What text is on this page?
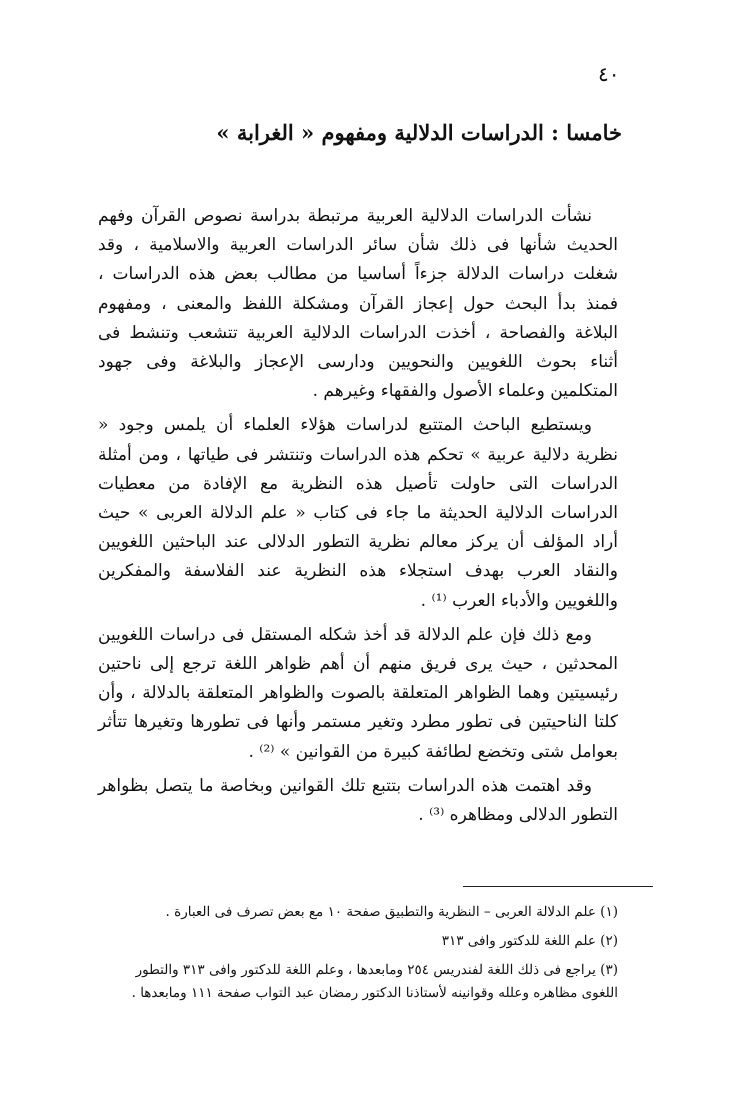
٤٠
خامسا : الدراسات الدلالية ومفهوم « الغرابة »

نشأت الدراسات الدلالية العربية مرتبطة بدراسة نصوص القرآن وفهم الحديث شأنها فى ذلك شأن سائر الدراسات العربية والاسلامية ، وقد شغلت دراسات الدلالة جزءاً أساسيا من مطالب بعض هذه الدراسات ، فمنذ بدأ البحث حول إعجاز القرآن ومشكلة اللفظ والمعنى ، ومفهوم البلاغة والفصاحة ، أخذت الدراسات الدلالية العربية تتشعب وتنشط فى أثناء بحوث اللغويين والنحويين ودارسى الإعجاز والبلاغة وفى جهود المتكلمين وعلماء الأصول والفقهاء وغيرهم .

ويستطيع الباحث المتتبع لدراسات هؤلاء العلماء أن يلمس وجود « نظرية دلالية عربية » تحكم هذه الدراسات وتنتشر فى طياتها ، ومن أمثلة الدراسات التى حاولت تأصيل هذه النظرية مع الإفادة من معطيات الدراسات الدلالية الحديثة ما جاء فى كتاب « علم الدلالة العربى » حيث أراد المؤلف أن يركز معالم نظرية التطور الدلالى عند الباحثين اللغويين والنقاد العرب بهدف استجلاء هذه النظرية عند الفلاسفة والمفكرين واللغويين والأدباء العرب ⁽¹⁾ .

ومع ذلك فإن علم الدلالة قد أخذ شكله المستقل فى دراسات اللغويين المحدثين ، حيث يرى فريق منهم أن أهم ظواهر اللغة ترجع إلى ناحتين رئيسيتين وهما الظواهر المتعلقة بالصوت والظواهر المتعلقة بالدلالة ، وأن كلتا الناحيتين فى تطور مطرد وتغير مستمر وأنها فى تطورها وتغيرها تتأثر بعوامل شتى وتخضع لطائفة كبيرة من القوانين » ⁽²⁾ .

وقد اهتمت هذه الدراسات بتتبع تلك القوانين وبخاصة ما يتصل بظواهر التطور الدلالى ومظاهره ⁽³⁾ .

(١) علم الدلالة العربى – النظرية والتطبيق صفحة ١٠ مع بعض تصرف فى العبارة .

(٢) علم اللغة للدكتور وافى ٣١٣

(٣) يراجع فى ذلك اللغة لفندريس ٢٥٤ ومابعدها ، وعلم اللغة للدكتور وافى ٣١٣ والتطور اللغوى مظاهره وعلله وقوانينه لأستاذنا الدكتور رمضان عبد التواب صفحة ١١١ ومابعدها .
